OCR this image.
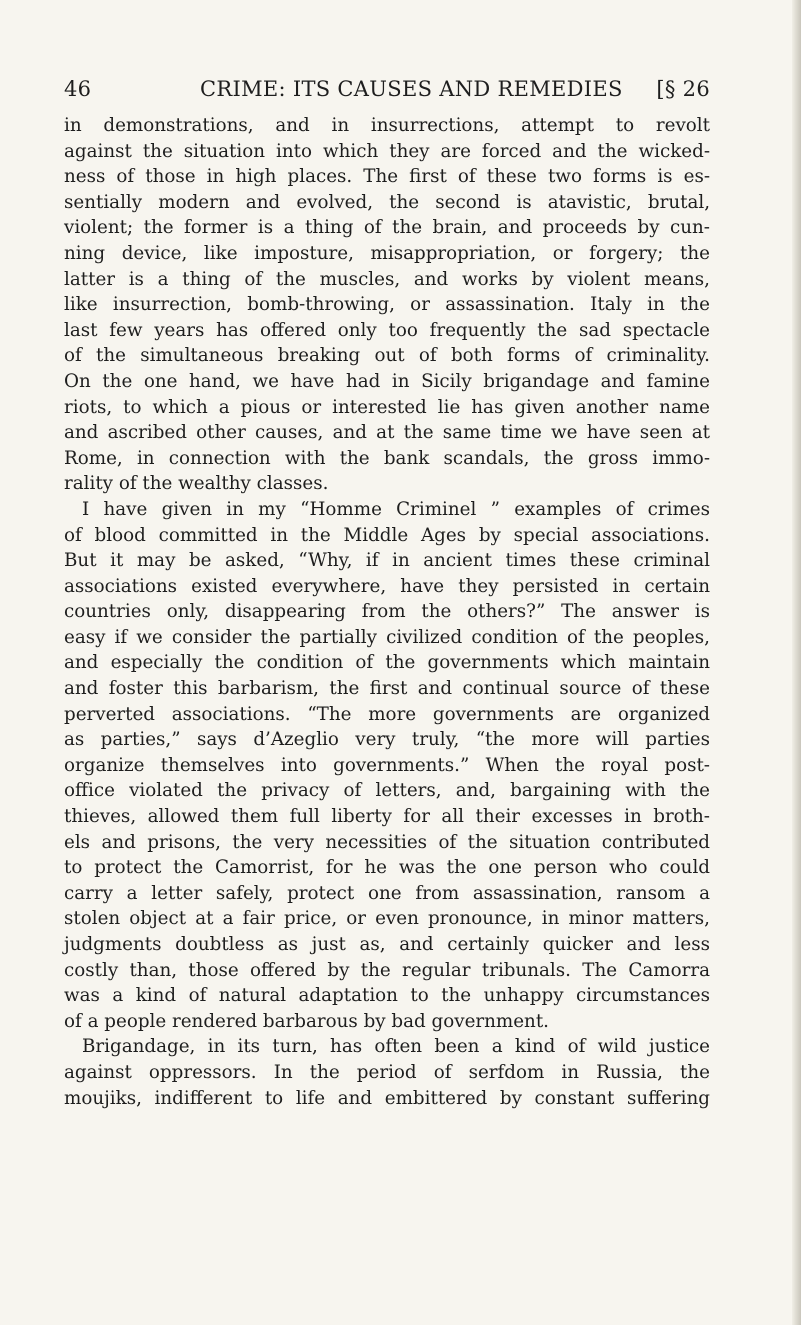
46	CRIME: ITS CAUSES AND REMEDIES [§ 26
in demonstrations, and in insurrections, attempt to revolt
against the situation into which they are forced and the wicked-
ness of those in high places. The first of these two forms is es-
sentially modern and evolved, the second is atavistic, brutal,
violent; the former is a thing of the brain, and proceeds by cun-
ning device, like imposture, misappropriation, or forgery; the
latter is a thing of the muscles, and works by violent means,
like insurrection, bomb-throwing, or assassination. Italy in the
last few years has offered only too frequently the sad spectacle
of the simultaneous breaking out of both forms of criminality.
On the one hand, we have had in Sicily brigandage and famine
riots, to which a pious or interested lie has given another name
and ascribed other causes, and at the same time we have seen at
Rome, in connection with the bank scandals, the gross immo-
rality of the wealthy classes.
I have given in my “Homme Criminel ” examples of crimes
of blood committed in the Middle Ages by special associations.
But it may be asked, “Why, if in ancient times these criminal
associations existed everywhere, have they persisted in certain
countries only, disappearing from the others?” The answer is
easy if we consider the partially civilized condition of the peoples,
and especially the condition of the governments which maintain
and foster this barbarism, the first and continual source of these
perverted associations. “The more governments are organized
as parties,” says d’Azeglio very truly, “the more will parties
organize themselves into governments.” When the royal post-
office violated the privacy of letters, and, bargaining with the
thieves, allowed them full liberty for all their excesses in broth-
els and prisons, the very necessities of the situation contributed
to protect the Camorrist, for he was the one person who could
carry a letter safely, protect one from assassination, ransom a
stolen object at a fair price, or even pronounce, in minor matters,
judgments doubtless as just as, and certainly quicker and less
costly than, those offered by the regular tribunals. The Camorra
was a kind of natural adaptation to the unhappy circumstances
of a people rendered barbarous by bad government.
Brigandage, in its turn, has often been a kind of wild justice
against oppressors. In the period of serfdom in Russia, the
moujiks, indifferent to life and embittered by constant suffering
